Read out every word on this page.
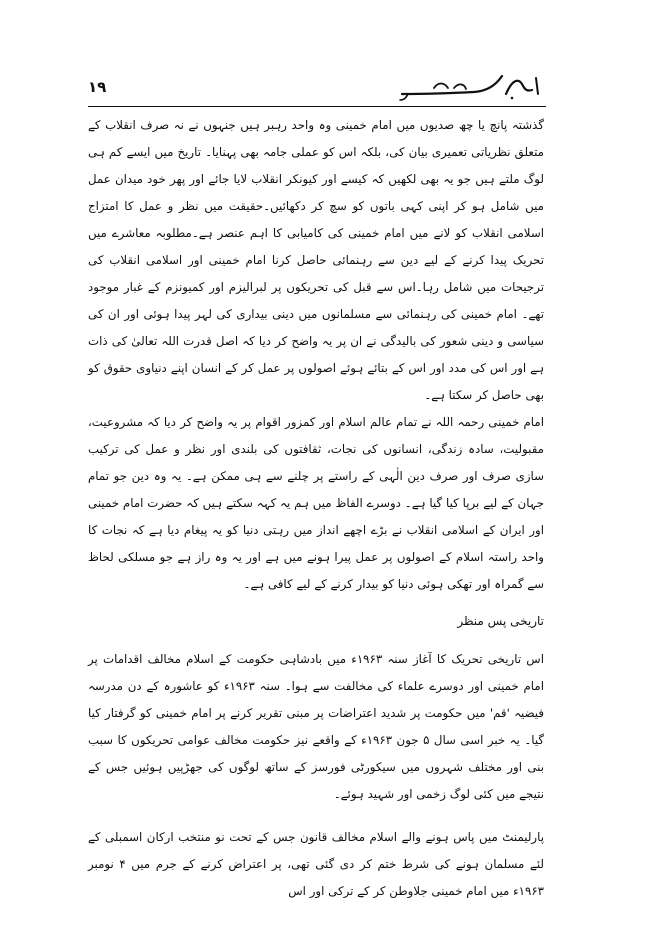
۱۹

گذشتہ پانچ یا چھ صدیوں میں امام خمینی وہ واحد رہبر ہیں جنہوں نے نہ صرف انقلاب کے متعلق نظریاتی تعمیری بیان کی، بلکہ اس کو عملی جامہ بھی پہنایا۔ تاریخ میں ایسے کم ہی لوگ ملتے ہیں جو یہ بھی لکھیں کہ کیسے اور کیونکر انقلاب لایا جائے اور پھر خود میدان عمل میں شامل ہو کر اپنی کہی باتوں کو سچ کر دکھائیں۔حقیقت میں نظر و عمل کا امتزاج اسلامی انقلاب کو لانے میں امام خمینی کی کامیابی کا اہم عنصر ہے۔مطلوبہ معاشرے میں تحریک پیدا کرنے کے لیے دین سے رہنمائی حاصل کرنا امام خمینی اور اسلامی انقلاب کی ترجیحات میں شامل رہا۔اس سے قبل کی تحریکوں پر لبرالیزم اور کمیونزم کے غبار موجود تھے۔ امام خمینی کی رہنمائی سے مسلمانوں میں دینی بیداری کی لہر پیدا ہوئی اور ان کی سیاسی و دینی شعور کی بالیدگی نے ان پر یہ واضح کر دیا کہ اصل قدرت اللہ تعالیٰ کی ذات ہے اور اس کی مدد اور اس کے بتائے ہوئے اصولوں پر عمل کر کے انسان اپنے دنیاوی حقوق کو بھی حاصل کر سکتا ہے۔

امام خمینی رحمہ اللہ نے تمام عالم اسلام اور کمزور اقوام پر یہ واضح کر دیا کہ مشروعیت، مقبولیت، سادہ زندگی، انسانوں کی نجات، ثقافتوں کی بلندی اور نظر و عمل کی ترکیب سازی صرف اور صرف دین الٰہی کے راستے پر چلنے سے ہی ممکن ہے۔ یہ وہ دین جو تمام جہان کے لیے برپا کیا گیا ہے۔ دوسرے الفاظ میں ہم یہ کہہ سکتے ہیں کہ حضرت امام خمینی اور ایران کے اسلامی انقلاب نے بڑے اچھے انداز میں رہتی دنیا کو یہ پیغام دیا ہے کہ نجات کا واحد راستہ اسلام کے اصولوں پر عمل پیرا ہونے میں ہے اور یہ وہ راز ہے جو مسلکی لحاظ سے گمراہ اور تھکی ہوئی دنیا کو بیدار کرنے کے لیے کافی ہے۔

تاریخی پس منظر

اس تاریخی تحریک کا آغاز سنہ ۱۹۶۳ء میں بادشاہی حکومت کے اسلام مخالف اقدامات پر امام خمینی اور دوسرے علماء کی مخالفت سے ہوا۔ سنہ ۱۹۶۳ء کو عاشورہ کے دن مدرسہ فیضیہ 'قم' میں حکومت پر شدید اعتراضات پر مبنی تقریر کرنے پر امام خمینی کو گرفتار کیا گیا۔ یہ خبر اسی سال ۵ جون ۱۹۶۳ء کے واقعے نیز حکومت مخالف عوامی تحریکوں کا سبب بنی اور مختلف شہروں میں سیکورٹی فورسز کے ساتھ لوگوں کی جھڑپیں ہوئیں جس کے نتیجے میں کئی لوگ زخمی اور شہید ہوئے۔

پارلیمنٹ میں پاس ہونے والے اسلام مخالف قانون جس کے تحت نو منتخب ارکان اسمبلی کے لئے مسلمان ہونے کی شرط ختم کر دی گئی تھی، پر اعتراض کرنے کے جرم میں ۴ نومبر ۱۹۶۳ء میں امام خمینی جلاوطن کر کے ترکی اور اس
